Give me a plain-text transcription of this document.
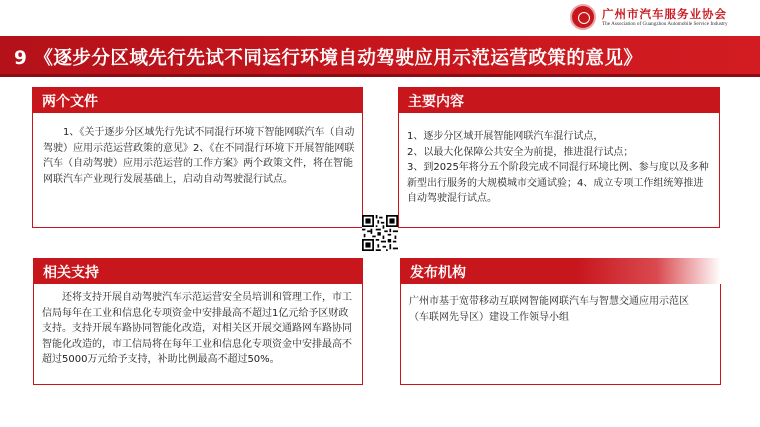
广州市汽车服务业协会
The Association of Guangzhou Automobile Service Industry
9 《逐步分区域先行先试不同运行环境自动驾驶应用示范运营政策的意见》
两个文件
1、《关于逐步分区域先行先试不同混行环境下智能网联汽车（自动驾驶）应用示范运营政策的意见》2、《在不同混行环境下开展智能网联汽车（自动驾驶）应用示范运营的工作方案》两个政策文件，将在智能网联汽车产业现行发展基础上，启动自动驾驶混行试点。
主要内容
1、逐步分区域开展智能网联汽车混行试点，
2、以最大化保障公共安全为前提，推进混行试点；
3、到2025年将分五个阶段完成不同混行环境比例、参与度以及多种新型出行服务的大规模城市交通试验；4、成立专项工作组统筹推进自动驾驶混行试点。
相关支持
还将支持开展自动驾驶汽车示范运营安全员培训和管理工作，市工信局每年在工业和信息化专项资金中安排最高不超过1亿元给予区财政支持。支持开展车路协同智能化改造，对相关区开展交通路网车路协同智能化改造的，市工信局将在每年工业和信息化专项资金中安排最高不超过5000万元给予支持，补助比例最高不超过50%。
发布机构
广州市基于宽带移动互联网智能网联汽车与智慧交通应用示范区（车联网先导区）建设工作领导小组
